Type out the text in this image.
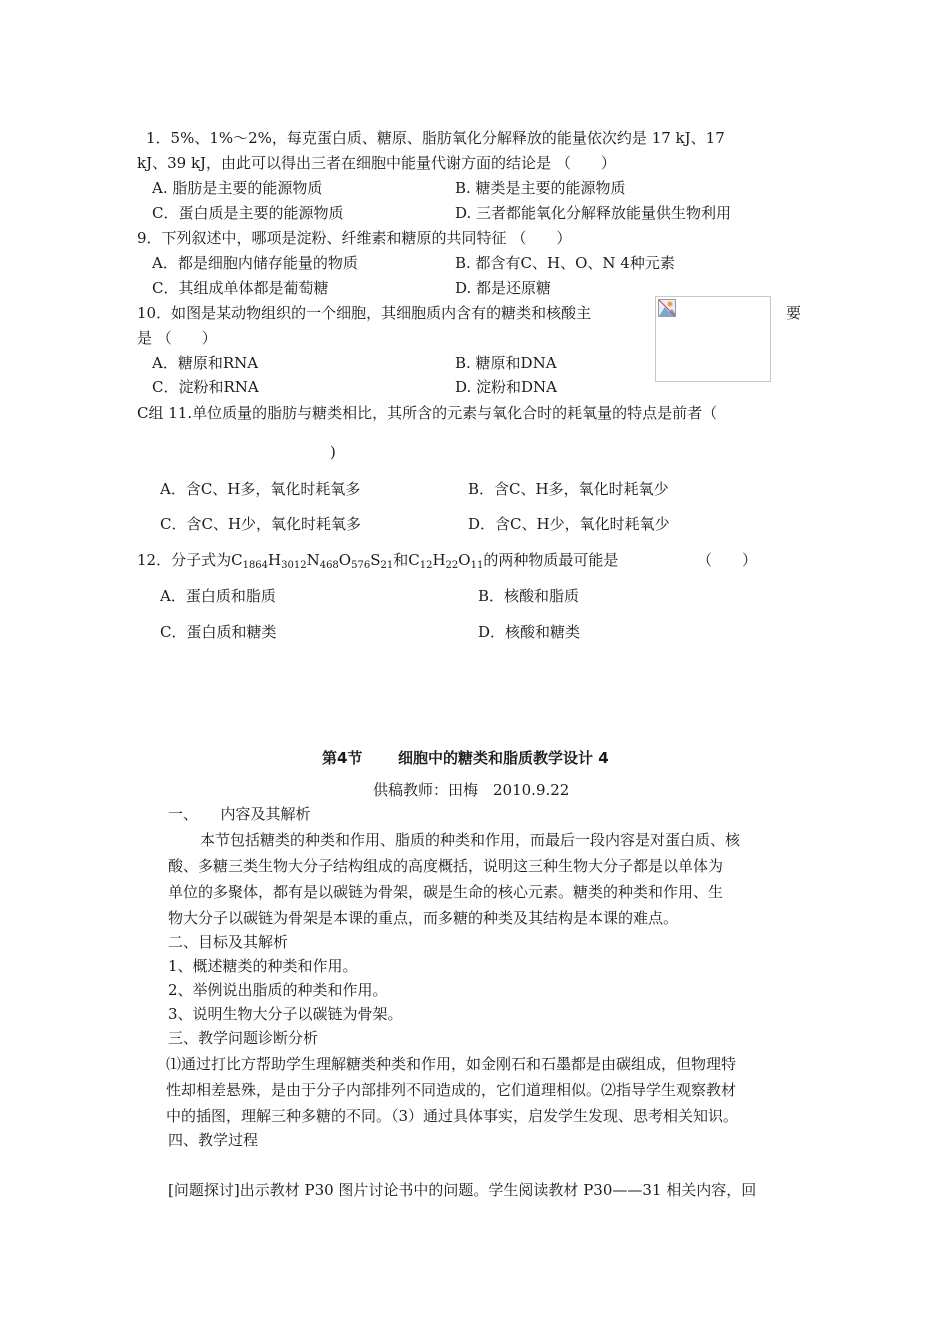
1．5%、1%～2%，每克蛋白质、糖原、脂肪氧化分解释放的能量依次约是 17 kJ、17
kJ、39 kJ，由此可以得出三者在细胞中能量代谢方面的结论是 （　　）
A. 脂肪是主要的能源物质	B. 糖类是主要的能源物质
C．蛋白质是主要的能源物质	D. 三者都能氧化分解释放能量供生物利用
9．下列叙述中，哪项是淀粉、纤维素和糖原的共同特征 （　　）
A．都是细胞内储存能量的物质	B. 都含有C、H、O、N 4种元素
C．其组成单体都是葡萄糖	D. 都是还原糖
10．如图是某动物组织的一个细胞，其细胞质内含有的糖类和核酸主	要
是 （　　）
A．糖原和RNA	B. 糖原和DNA
C．淀粉和RNA	D. 淀粉和DNA
C组 11.单位质量的脂肪与糖类相比，其所含的元素与氧化合时的耗氧量的特点是前者（
)
A．含C、H多，氧化时耗氧多	B．含C、H多，氧化时耗氧少
C．含C、H少，氧化时耗氧多	D．含C、H少，氧化时耗氧少
12．分子式为$C_{1864}H_{3012}N_{468}O_{576}S_{21}$和$C_{12}H_{22}O_{11}$的两种物质最可能是	（　　）
A．蛋白质和脂质	B．核酸和脂质
C．蛋白质和糖类	D．核酸和糖类
第4节 细胞中的糖类和脂质教学设计 4
供稿教师：田梅　2010.9.22
一、　　内容及其解析
本节包括糖类的种类和作用、脂质的种类和作用，而最后一段内容是对蛋白质、核
酸、多糖三类生物大分子结构组成的高度概括，说明这三种生物大分子都是以单体为
单位的多聚体，都有是以碳链为骨架，碳是生命的核心元素。糖类的种类和作用、生
物大分子以碳链为骨架是本课的重点，而多糖的种类及其结构是本课的难点。
二、目标及其解析
1、概述糖类的种类和作用。
2、举例说出脂质的种类和作用。
3、说明生物大分子以碳链为骨架。
三、教学问题诊断分析
⑴通过打比方帮助学生理解糖类种类和作用，如金刚石和石墨都是由碳组成，但物理特
性却相差悬殊，是由于分子内部排列不同造成的，它们道理相似。⑵指导学生观察教材
中的插图，理解三种多糖的不同。（3）通过具体事实，启发学生发现、思考相关知识。
四、教学过程
[问题探讨]出示教材 P30 图片讨论书中的问题。学生阅读教材 P30——31 相关内容，回
